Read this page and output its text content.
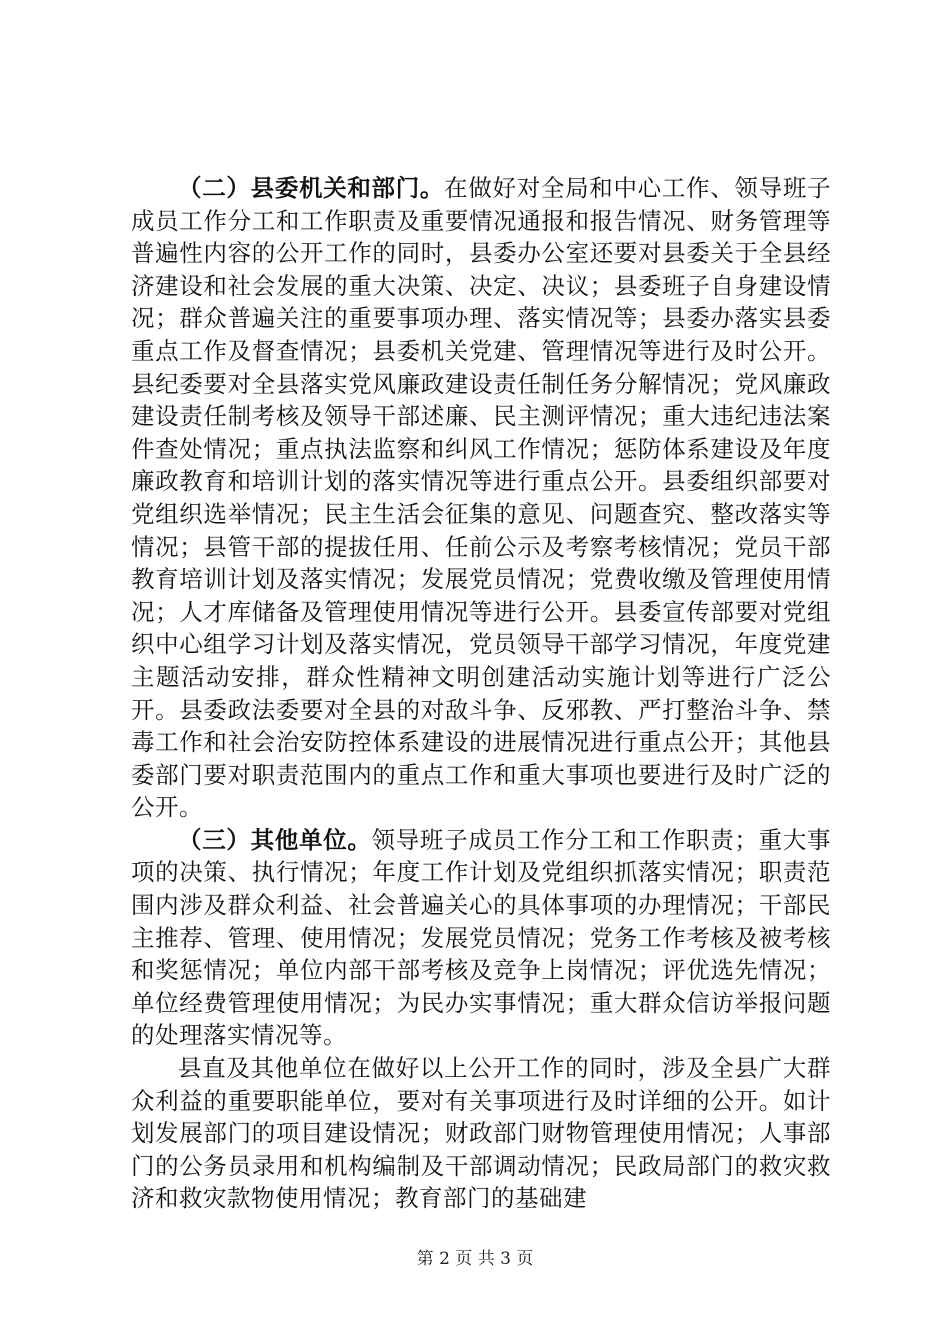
（二）县委机关和部门。在做好对全局和中心工作、领导班子成员工作分工和工作职责及重要情况通报和报告情况、财务管理等普遍性内容的公开工作的同时，县委办公室还要对县委关于全县经济建设和社会发展的重大决策、决定、决议；县委班子自身建设情况；群众普遍关注的重要事项办理、落实情况等；县委办落实县委重点工作及督查情况；县委机关党建、管理情况等进行及时公开。县纪委要对全县落实党风廉政建设责任制任务分解情况；党风廉政建设责任制考核及领导干部述廉、民主测评情况；重大违纪违法案件查处情况；重点执法监察和纠风工作情况；惩防体系建设及年度廉政教育和培训计划的落实情况等进行重点公开。县委组织部要对党组织选举情况；民主生活会征集的意见、问题查究、整改落实等情况；县管干部的提拔任用、任前公示及考察考核情况；党员干部教育培训计划及落实情况；发展党员情况；党费收缴及管理使用情况；人才库储备及管理使用情况等进行公开。县委宣传部要对党组织中心组学习计划及落实情况，党员领导干部学习情况，年度党建主题活动安排，群众性精神文明创建活动实施计划等进行广泛公开。县委政法委要对全县的对敌斗争、反邪教、严打整治斗争、禁毒工作和社会治安防控体系建设的进展情况进行重点公开；其他县委部门要对职责范围内的重点工作和重大事项也要进行及时广泛的公开。

（三）其他单位。领导班子成员工作分工和工作职责；重大事项的决策、执行情况；年度工作计划及党组织抓落实情况；职责范围内涉及群众利益、社会普遍关心的具体事项的办理情况；干部民主推荐、管理、使用情况；发展党员情况；党务工作考核及被考核和奖惩情况；单位内部干部考核及竞争上岗情况；评优选先情况；单位经费管理使用情况；为民办实事情况；重大群众信访举报问题的处理落实情况等。

县直及其他单位在做好以上公开工作的同时，涉及全县广大群众利益的重要职能单位，要对有关事项进行及时详细的公开。如计划发展部门的项目建设情况；财政部门财物管理使用情况；人事部门的公务员录用和机构编制及干部调动情况；民政局部门的救灾救济和救灾款物使用情况；教育部门的基础建

第 2 页 共 3 页
